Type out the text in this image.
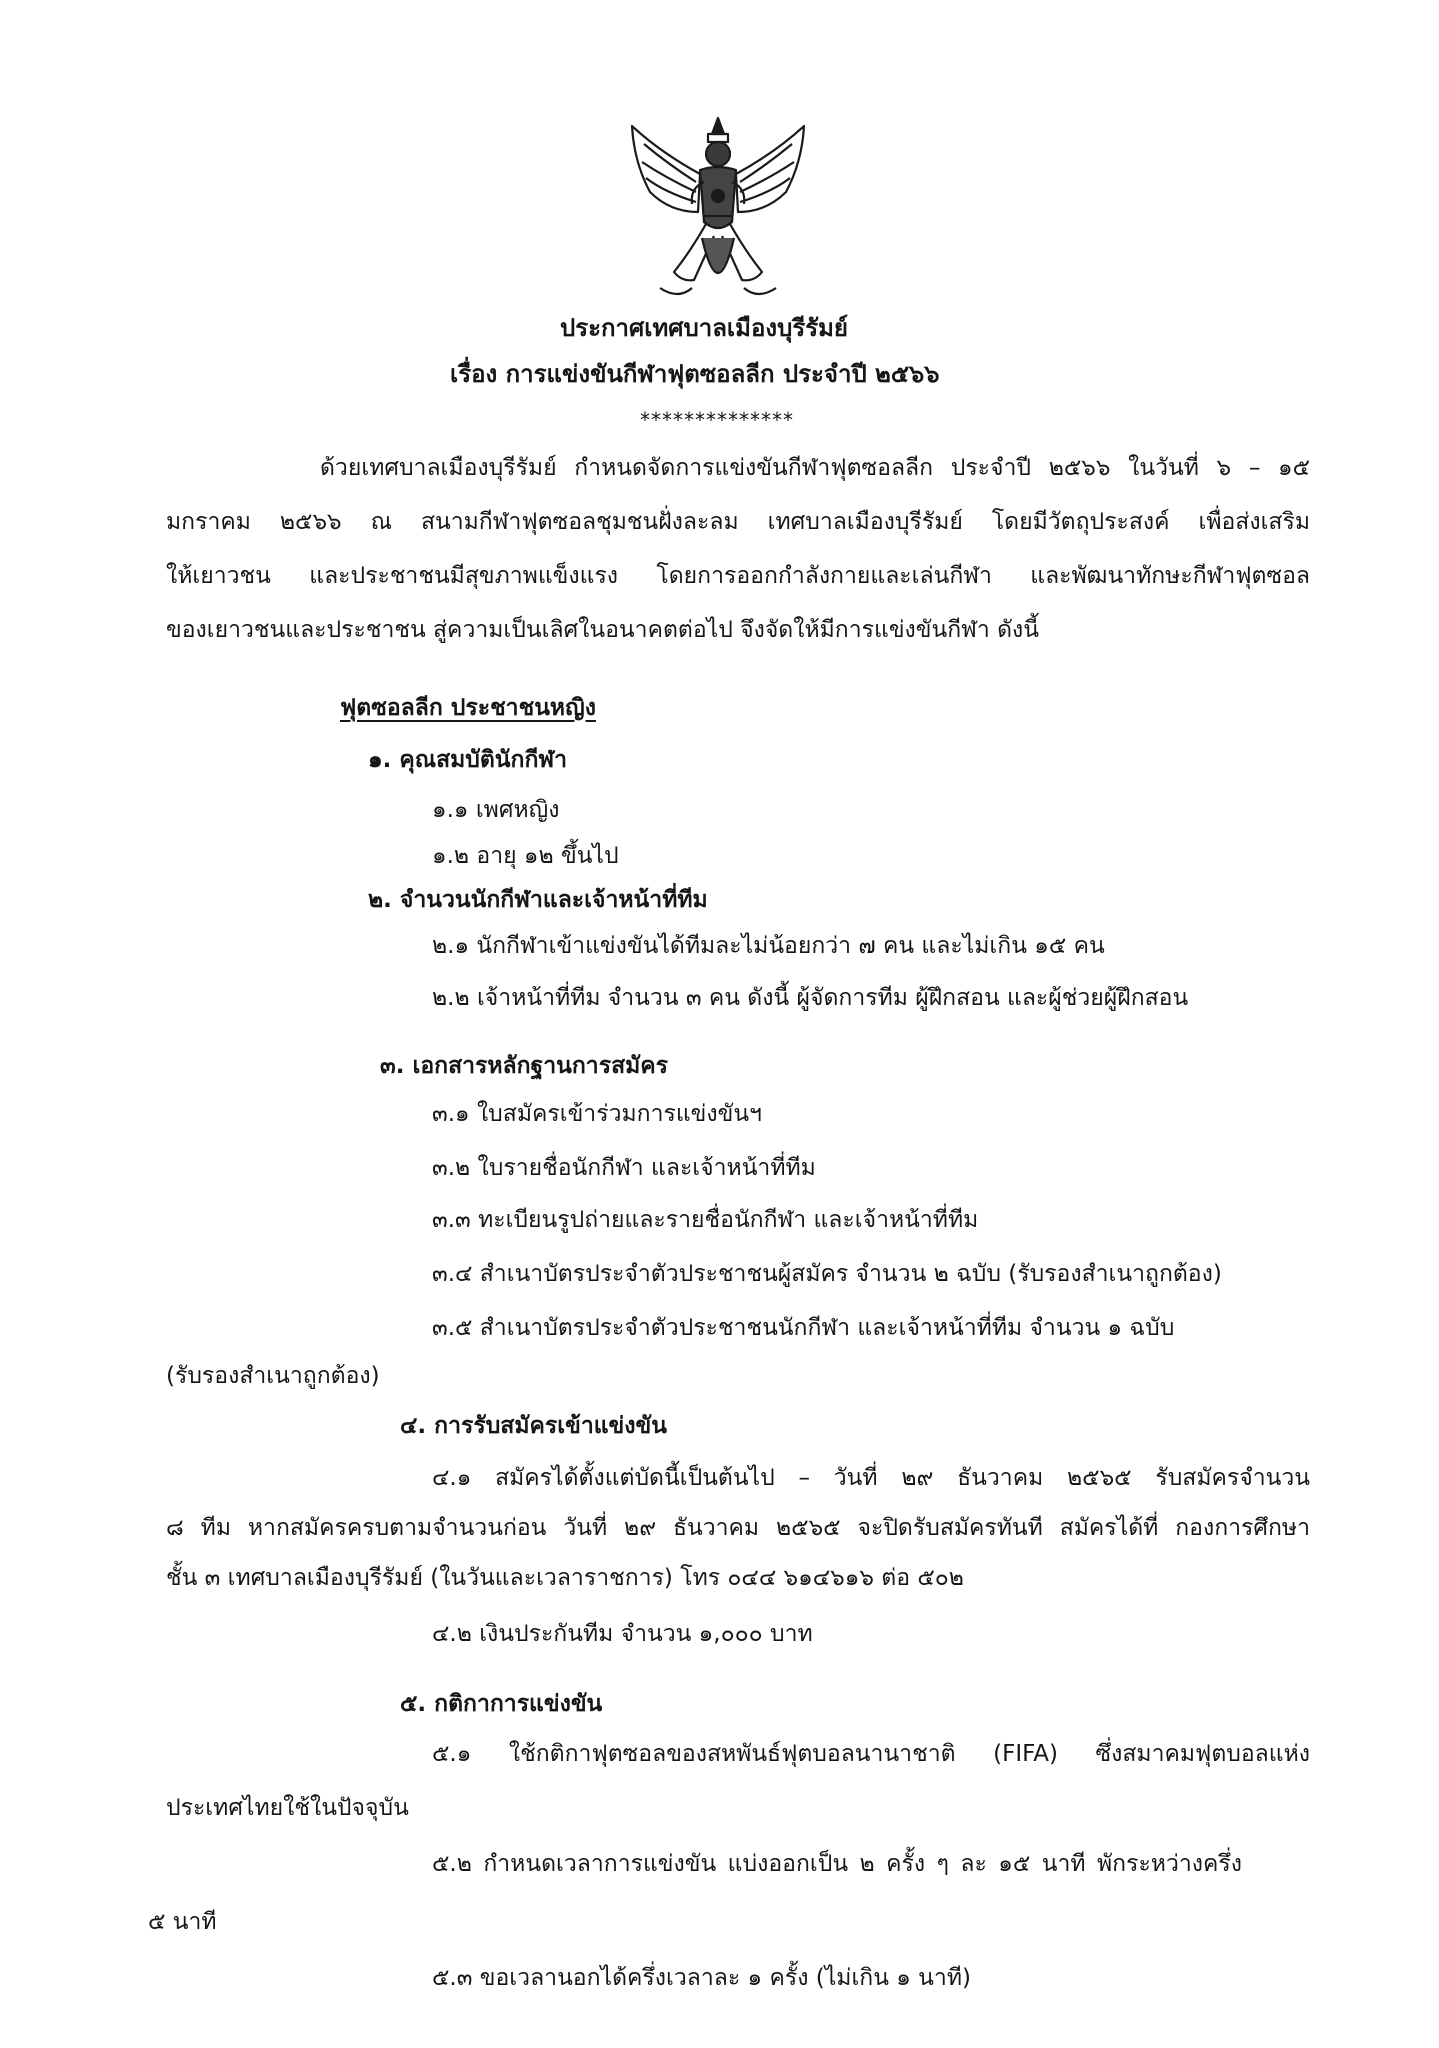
ประกาศเทศบาลเมืองบุรีรัมย์
เรื่อง การแข่งขันกีฬาฟุตซอลลีก ประจำปี ๒๕๖๖
**************
ด้วยเทศบาลเมืองบุรีรัมย์ กำหนดจัดการแข่งขันกีฬาฟุตซอลลีก ประจำปี ๒๕๖๖ ในวันที่ ๖ – ๑๕
มกราคม ๒๕๖๖ ณ สนามกีฬาฟุตซอลชุมชนฝั่งละลม เทศบาลเมืองบุรีรัมย์ โดยมีวัตถุประสงค์ เพื่อส่งเสริม
ให้เยาวชน และประชาชนมีสุขภาพแข็งแรง โดยการออกกำลังกายและเล่นกีฬา และพัฒนาทักษะกีฬาฟุตซอล
ของเยาวชนและประชาชน สู่ความเป็นเลิศในอนาคตต่อไป จึงจัดให้มีการแข่งขันกีฬา ดังนี้
ฟุตซอลลีก ประชาชนหญิง
๑. คุณสมบัตินักกีฬา
๑.๑ เพศหญิง
๑.๒ อายุ ๑๒ ขึ้นไป
๒. จำนวนนักกีฬาและเจ้าหน้าที่ทีม
๒.๑ นักกีฬาเข้าแข่งขันได้ทีมละไม่น้อยกว่า ๗ คน และไม่เกิน ๑๕ คน
๒.๒ เจ้าหน้าที่ทีม จำนวน ๓ คน ดังนี้ ผู้จัดการทีม ผู้ฝึกสอน และผู้ช่วยผู้ฝึกสอน
๓. เอกสารหลักฐานการสมัคร
๓.๑ ใบสมัครเข้าร่วมการแข่งขันฯ
๓.๒ ใบรายชื่อนักกีฬา และเจ้าหน้าที่ทีม
๓.๓ ทะเบียนรูปถ่ายและรายชื่อนักกีฬา และเจ้าหน้าที่ทีม
๓.๔ สำเนาบัตรประจำตัวประชาชนผู้สมัคร จำนวน ๒ ฉบับ (รับรองสำเนาถูกต้อง)
๓.๕ สำเนาบัตรประจำตัวประชาชนนักกีฬา และเจ้าหน้าที่ทีม จำนวน ๑ ฉบับ
(รับรองสำเนาถูกต้อง)
๔. การรับสมัครเข้าแข่งขัน
๔.๑ สมัครได้ตั้งแต่บัดนี้เป็นต้นไป – วันที่ ๒๙ ธันวาคม ๒๕๖๕ รับสมัครจำนวน
๘ ทีม หากสมัครครบตามจำนวนก่อน วันที่ ๒๙ ธันวาคม ๒๕๖๕ จะปิดรับสมัครทันที สมัครได้ที่ กองการศึกษา
ชั้น ๓ เทศบาลเมืองบุรีรัมย์ (ในวันและเวลาราชการ) โทร ๐๔๔ ๖๑๔๖๑๖ ต่อ ๕๐๒
๔.๒ เงินประกันทีม จำนวน ๑,๐๐๐ บาท
๕. กติกาการแข่งขัน
๕.๑ ใช้กติกาฟุตซอลของสหพันธ์ฟุตบอลนานาชาติ (FIFA) ซึ่งสมาคมฟุตบอลแห่ง
ประเทศไทยใช้ในปัจจุบัน
๕.๒ กำหนดเวลาการแข่งขัน แบ่งออกเป็น ๒ ครั้ง ๆ ละ ๑๕ นาที พักระหว่างครึ่ง
๕ นาที
๕.๓ ขอเวลานอกได้ครึ่งเวลาละ ๑ ครั้ง (ไม่เกิน ๑ นาที)
